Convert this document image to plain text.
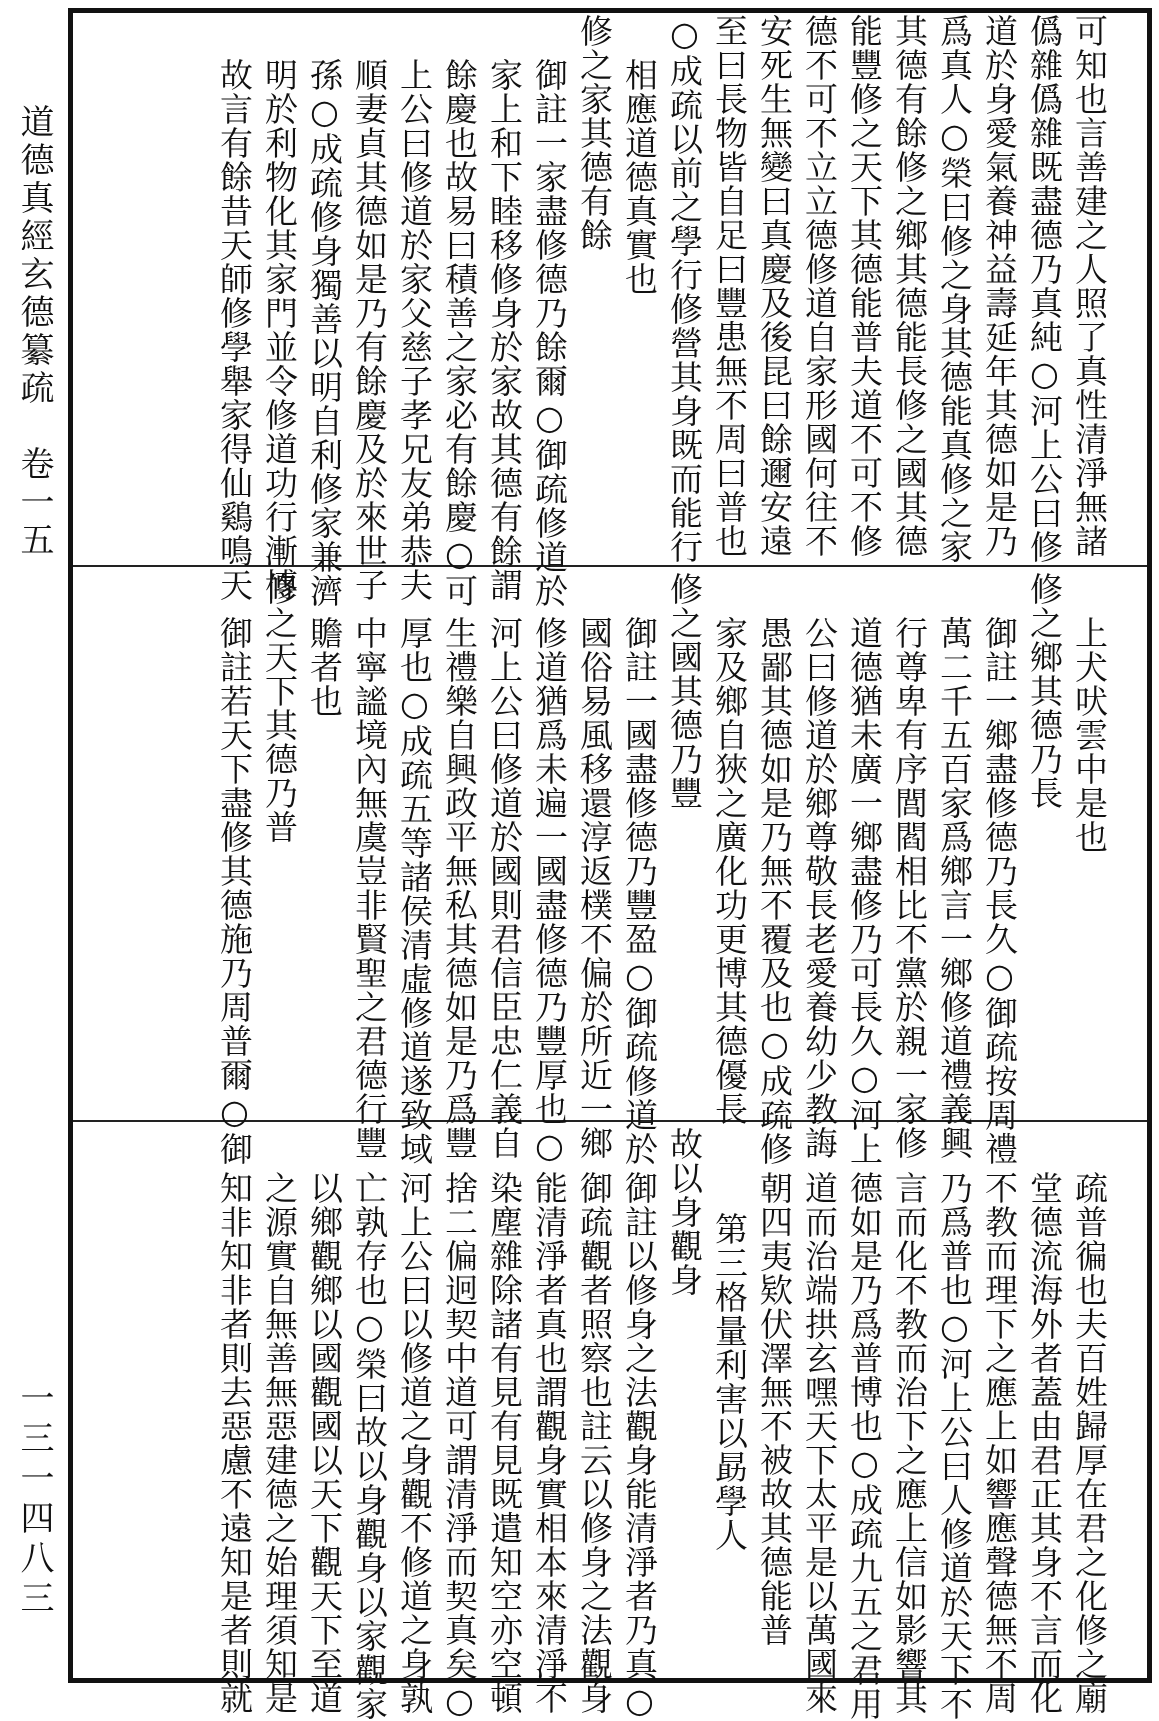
道德真經玄德纂疏　卷一五
一三一四八三
可知也言善建之人照了真性清淨無諸
僞雜僞雜既盡德乃真純○河上公曰修
道於身愛氣養神益壽延年其德如是乃
爲真人○榮曰修之身其德能真修之家
其德有餘修之鄉其德能長修之國其德
能豐修之天下其德能普夫道不可不修
德不可不立立德修道自家形國何往不
安死生無變曰真慶及後昆曰餘邇安遠
至曰長物皆自足曰豐患無不周曰普也
○成疏以前之學行修營其身既而能行
相應道德真實也
修之家其德有餘
御註一家盡修德乃餘爾○御疏修道於
家上和下睦移修身於家故其德有餘謂
餘慶也故易曰積善之家必有餘慶○可
上公曰修道於家父慈子孝兄友弟恭夫
順妻貞其德如是乃有餘慶及於來世子
孫○成疏修身獨善以明自利修家兼濟
明於利物化其家門並令修道功行漸博
故言有餘昔天師修學舉家得仙鷄鳴天
上犬吠雲中是也
修之鄉其德乃長
御註一鄉盡修德乃長久○御疏按周禮
萬二千五百家爲鄉言一鄉修道禮義興
行尊卑有序閭閻相比不黨於親一家修
道德猶未廣一鄉盡修乃可長久○河上
公曰修道於鄉尊敬長老愛養幼少教誨
愚鄙其德如是乃無不覆及也○成疏修
家及鄉自狹之廣化功更博其德優長
修之國其德乃豐
御註一國盡修德乃豐盈○御疏修道於
國俗易風移還淳返樸不偏於所近一鄉
修道猶爲未遍一國盡修德乃豐厚也○
河上公曰修道於國則君信臣忠仁義自
生禮樂自興政平無私其德如是乃爲豐
厚也○成疏五等諸侯清虛修道遂致域
中寧謐境內無虞豈非賢聖之君德行豐
贍者也
修之天下其德乃普
御註若天下盡修其德施乃周普爾○御
疏普徧也夫百姓歸厚在君之化修之廟
堂德流海外者蓋由君正其身不言而化
不教而理下之應上如響應聲德無不周
乃爲普也○河上公曰人修道於天下不
言而化不教而治下之應上信如影響其
德如是乃爲普博也○成疏九五之君用
道而治端拱玄嘿天下太平是以萬國來
朝四夷欵伏澤無不被故其德能普
第三格量利害以勗學人
故以身觀身
御註以修身之法觀身能清淨者乃真○
御疏觀者照察也註云以修身之法觀身
能清淨者真也謂觀身實相本來清淨不
染塵雜除諸有見有見既遣知空亦空頓
捨二偏迥契中道可謂清淨而契真矣○
河上公曰以修道之身觀不修道之身孰
亡孰存也○榮曰故以身觀身以家觀家
以鄉觀鄉以國觀國以天下觀天下至道
之源實自無善無惡建德之始理須知是
知非知非者則去惡慮不遠知是者則就
